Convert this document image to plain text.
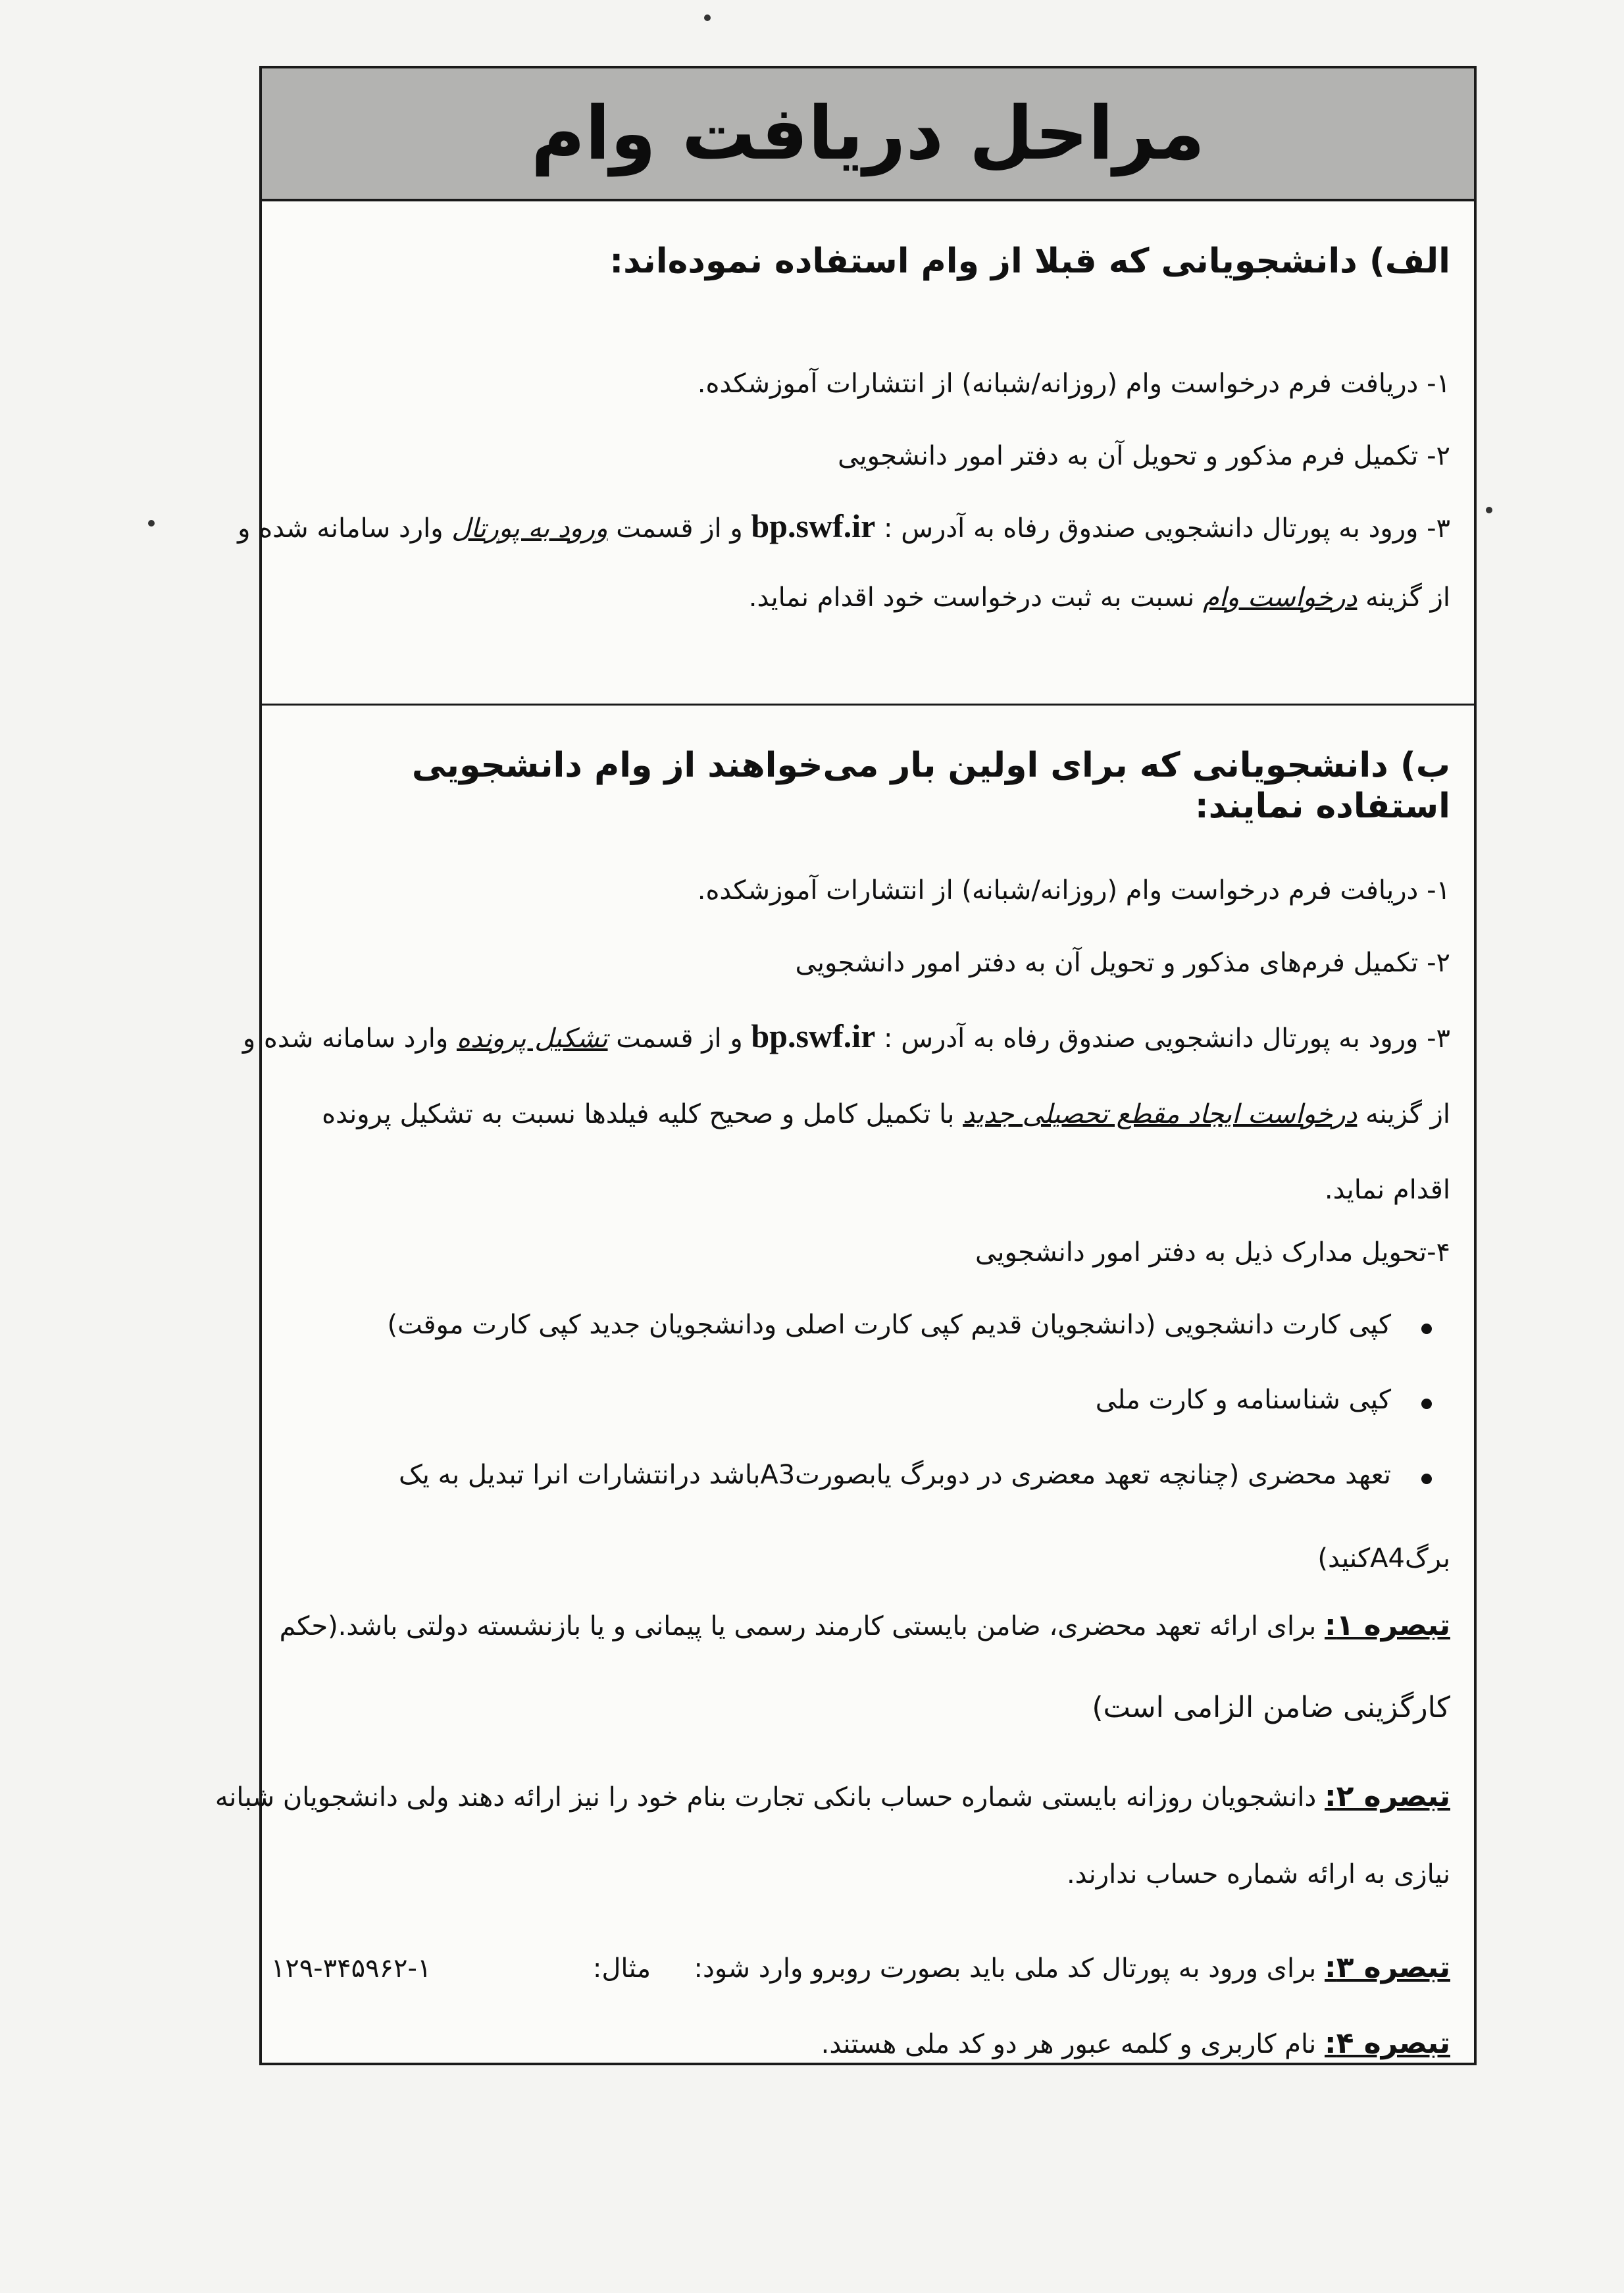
مراحل دریافت وام

الف) دانشجویانی که قبلا از وام استفاده نموده‌اند:

۱- دریافت فرم درخواست وام (روزانه/شبانه) از انتشارات آموزشکده.

۲- تکمیل فرم مذکور و تحویل آن به دفتر امور دانشجویی

۳- ورود به پورتال دانشجویی صندوق رفاه به آدرس : bp.swf.ir و از قسمت ورود به پورتال وارد سامانه شده و

از گزینه درخواست وام نسبت به ثبت درخواست خود اقدام نماید.

ب) دانشجویانی که برای اولین بار می‌خواهند از وام دانشجویی استفاده نمایند:

۱- دریافت فرم درخواست وام (روزانه/شبانه) از انتشارات آموزشکده.

۲- تکمیل فرم‌های مذکور و تحویل آن به دفتر امور دانشجویی

۳- ورود به پورتال دانشجویی صندوق رفاه به آدرس : bp.swf.ir و از قسمت تشکیل پرونده وارد سامانه شده و

از گزینه درخواست ایجاد مقطع تحصیلی جدید با تکمیل کامل و صحیح کلیه فیلدها نسبت به تشکیل پرونده

اقدام نماید.

۴-تحویل مدارک ذیل به دفتر امور دانشجویی

کپی کارت دانشجویی (دانشجویان قدیم کپی کارت اصلی ودانشجویان جدید کپی کارت موقت)
کپی شناسنامه و کارت ملی
تعهد محضری (چنانچه تعهد معضری در دوبرگ یابصورتA3باشد درانتشارات انرا تبدیل به یک

برگA4کنید)

تبصره ۱: برای ارائه تعهد محضری، ضامن بایستی کارمند رسمی یا پیمانی و یا بازنشسته دولتی باشد.(حکم

کارگزینی ضامن الزامی است)

تبصره ۲: دانشجویان روزانه بایستی شماره حساب بانکی تجارت بنام خود را نیز ارائه دهند ولی دانشجویان شبانه

نیازی به ارائه شماره حساب ندارند.

تبصره ۳: برای ورود به پورتال کد ملی باید بصورت روبرو وارد شود:  مثال:  ۱-۳۴۵۹۶۲-۱۲۹

تبصره ۴: نام کاربری و کلمه عبور هر دو کد ملی هستند.
